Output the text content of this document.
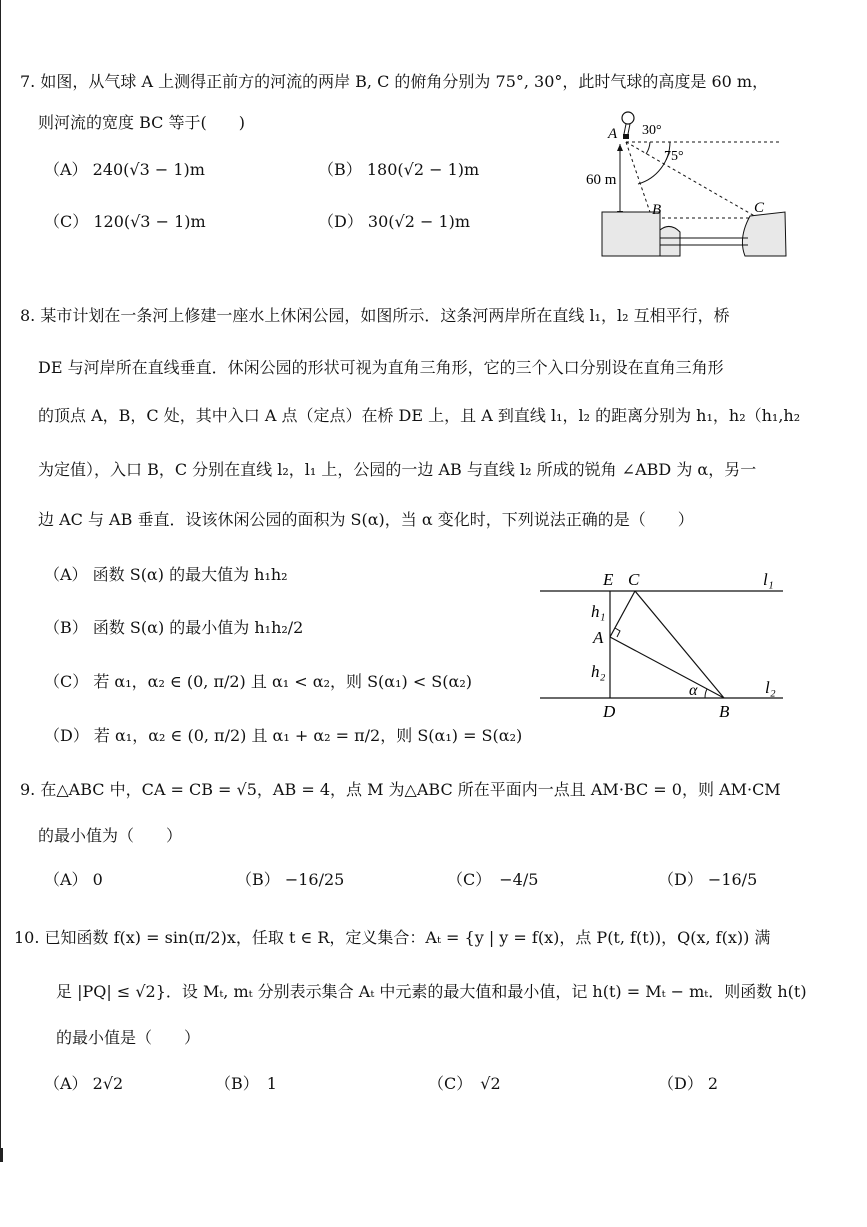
7. 如图，从气球 A 上测得正前方的河流的两岸 B, C 的俯角分别为 75°, 30°，此时气球的高度是 60 m，
则河流的宽度 BC 等于(　　)
（A） 240(√3 − 1)m	（B） 180(√2 − 1)m
（C） 120(√3 − 1)m	（D） 30(√2 − 1)m
A 30°
75°
60 m
B	C
8. 某市计划在一条河上修建一座水上休闲公园，如图所示．这条河两岸所在直线 l₁，l₂ 互相平行，桥
DE 与河岸所在直线垂直．休闲公园的形状可视为直角三角形，它的三个入口分别设在直角三角形
的顶点 A，B，C 处，其中入口 A 点（定点）在桥 DE 上，且 A 到直线 l₁，l₂ 的距离分别为 h₁，h₂（h₁,h₂
为定值），入口 B，C 分别在直线 l₂，l₁ 上，公园的一边 AB 与直线 l₂ 所成的锐角 ∠ABD 为 α，另一
边 AC 与 AB 垂直．设该休闲公园的面积为 S(α)，当 α 变化时，下列说法正确的是（　　）
（A） 函数 S(α) 的最大值为 h₁h₂
（B） 函数 S(α) 的最小值为 h₁h₂/2
（C） 若 α₁，α₂ ∈ (0, π/2) 且 α₁ < α₂，则 S(α₁) < S(α₂)
（D） 若 α₁，α₂ ∈ (0, π/2) 且 α₁ + α₂ = π/2，则 S(α₁) = S(α₂)
E C	l₁
h₁
A
h₂
l₂
α
D	B
9. 在△ABC 中，CA = CB = √5，AB = 4，点 M 为△ABC 所在平面内一点且 AM·BC = 0，则 AM·CM
的最小值为（　　）
（A） 0	（B） −16/25	（C）　−4/5	（D） −16/5
10. 已知函数 f(x) = sin(π/2)x，任取 t ∈ R，定义集合：Aₜ = {y | y = f(x)，点 P(t, f(t))，Q(x, f(x)) 满
足 |PQ| ≤ √2}．设 Mₜ, mₜ 分别表示集合 Aₜ 中元素的最大值和最小值，记 h(t) = Mₜ − mₜ．则函数 h(t)
的最小值是（　　）
（A） 2√2	（B）　1	（C）　√2	（D） 2
